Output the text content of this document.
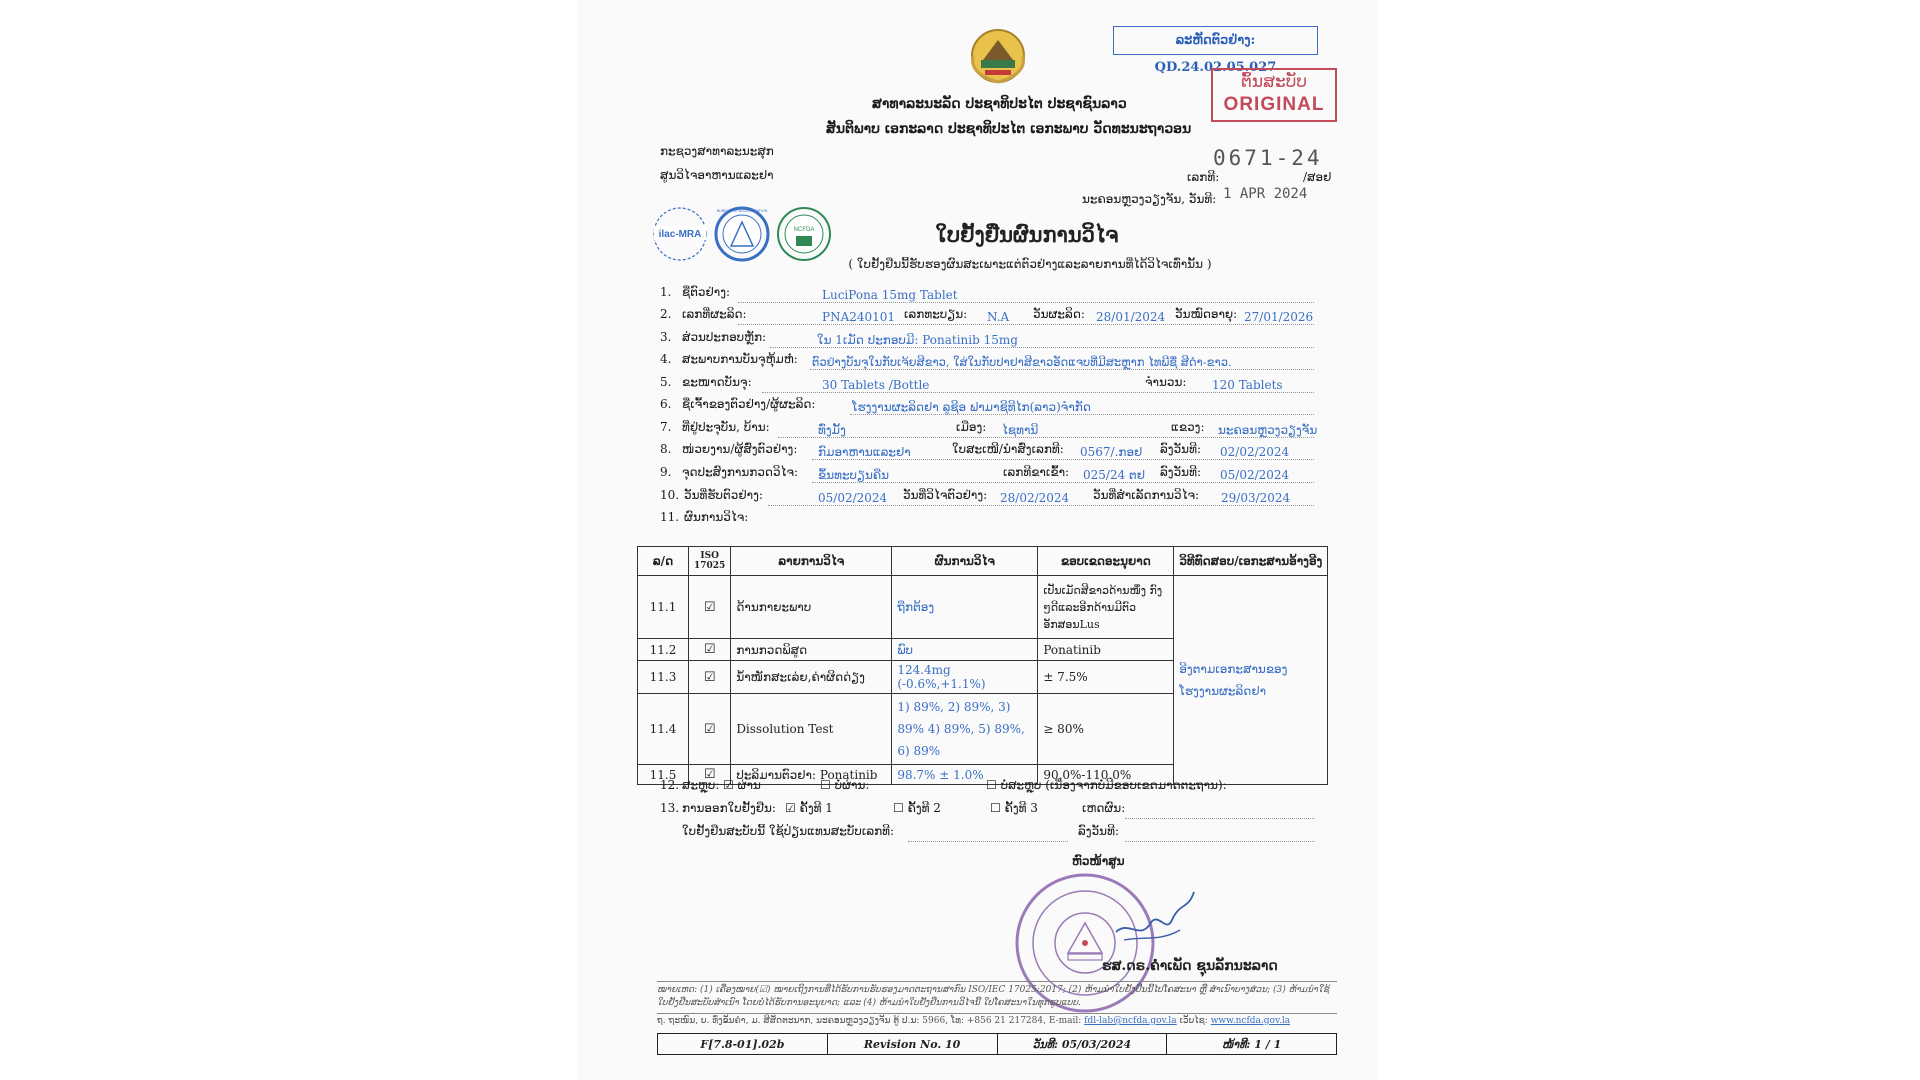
ລະຫັດຕົວຢ່າງ: QD.24.02.05.027
ຕົ້ນສະບັບ
ORIGINAL
ສາທາລະນະລັດ ປະຊາທິປະໄຕ ປະຊາຊົນລາວ
ສັນຕິພາບ ເອກະລາດ ປະຊາທິປະໄຕ ເອກະພາບ ວັດທະນະຖາວອນ
ກະຊວງສາທາລະນະສຸກ
ສູນວິໄຈອາຫານແລະຢາ
0671-24
ເລກທີ:	/ສອຢ
ນະຄອນຫຼວງວຽງຈັນ, ວັນທີ: 1 APR 2024
ilac-MRA
BUREAU OF ACCREDITATION
NCFDA	ໃບຢັ້ງຢືນຜົນການວິໄຈ
( ໃບຢັ້ງຢືນນີ້ຮັບຮອງຜົນສະເພາະແຕ່ຕົວຢ່າງແລະລາຍການທີ່ໄດ້ວິໄຈເທົ່ານັ້ນ )
1. ຊື່ຕົວຢ່າງ:	LuciPona 15mg Tablet
2. ເລກທີ່ຜະລິດ:	PNA240101 ເລກທະບຽນ: N.A ວັນຜະລິດ: 28/01/2024 ວັນໝົດອາຍຸ: 27/01/2026
3. ສ່ວນປະກອບຫຼັກ:	ໃນ 1ເມັດ ປະກອບມີ: Ponatinib 15mg
4. ສະພາບການບັນຈຸຫຸ້ມຫໍ່: ຕົວຢ່າງບັນຈຸໃນກັບເຈ້ຍສີຂາວ, ໃສ່ໃນກັບປາຢາສີຂາວອັດແຈບທີ່ມີສະຫຼາກ ໄທພີຊື່ ສີດຳ-ຂາວ.
5. ຂະໜາດບັນຈຸ:	30 Tablets /Bottle	ຈຳນວນ: 120 Tablets
6. ຊື່ເຈົ້າຂອງຕົວຢ່າງ/ຜູ້ຜະລິດ:	ໂຮງງານຜະລິດຢາ ລູຊີອ ຟາມາຊີທີໄກ(ລາວ)ຈຳກັດ
7. ທີ່ຢູ່ປະຈຸບັນ, ບ້ານ:	ທົ່ງມັ້ງ	ເມືອງ: ໄຊທານີ	ແຂວງ: ນະຄອນຫຼວງວຽງຈັນ
8. ໜ່ວຍງານ/ຜູ້ສົ່ງຕົວຢ່າງ: ກົມອາຫານແລະຢາ	ໃບສະເໜີ/ນຳສົ່ງເລກທີ: 0567/.ກອຢ ລົງວັນທີ: 02/02/2024
9. ຈຸດປະສົງການກວດວິໄຈ: ຂຶ້ນທະບຽນຄືນ	ເລກທີຂາເຂົ້າ: 025/24 ຕຢ ລົງວັນທີ: 05/02/2024
10. ວັນທີ່ຮັບຕົວຢ່າງ:	05/02/2024 ວັນທີ່ວິໄຈຕົວຢ່າງ: 28/02/2024 ວັນທີ່ສຳເລັດການວິໄຈ: 29/03/2024
11. ຜົນການວິໄຈ:
ລ/ດ	ISO 17025	ລາຍການວິໄຈ	ຜົນການວິໄຈ	ຂອບເຂດອະນຸຍາດ	ວິທີທົດສອບ/ເອກະສານອ້າງອີງ
11.1	☑	ດ້ານກາຍະພາບ	ຖືກຕ້ອງ	ເປັນເມັດສີຂາວດ້ານໜຶ່ງ ກົງໆດີແລະອີກດ້ານມີຕົວ ອັກສອນLus	ອີງຕາມເອກະສານຂອງ ໂຮງງານຜະລິດຢາ
11.2	☑	ການກວດພິສູດ	ພົບ	Ponatinib	
11.3	☑	ນ້ຳໜັກສະເລ່ຍ,ຄ່າຜິດດ່ຽງ	124.4mg (-0.6%,+1.1%)	± 7.5%	
11.4	☑	Dissolution Test	1) 89%, 2) 89%, 3) 89% 4) 89%, 5) 89%, 6) 89%	≥ 80%	
11.5	☑	ປະລິມານຕົວຢາ: Ponatinib	98.7% ± 1.0%	90.0%-110.0%	
12. ສະຫຼຸບ: ☑ ຜ່ານ	☐ ບໍ່ຜ່ານ:	☐ ບໍ່ສະຫຼຸບ (ເນື່ອງຈາກບໍ່ມີຂອບເຂດມາດຕະຖານ):
13. ການອອກໃບຢັ້ງຢືນ: ☑ ຄັ້ງທີ 1	☐ ຄັ້ງທີ 2	☐ ຄັ້ງທີ 3	ເຫດຜົນ:
ໃບຢັ້ງຢືນສະບັບນີ້ ໃຊ້ປ່ຽນແທນສະບັບເລກທີ:	ລົງວັນທີ:
ຫົວໜ້າສູນ
ຮສ.ດຣ.ຄຳເພັດ ຊຸນລັກນະລາດ
ໝາຍເຫດ: (1) ເຄື່ອງໝາຍ(☑) ໝາຍເຖິງການທີ່ໄດ້ຮັບການຮັບຮອງມາດຕະຖານສາກົນ ISO/IEC 17025:2017; (2) ຫ້າມນຳໃບຢັ້ງຢືນນີ້ໄປໂຄສະນາ ຫຼື ສຳເນົາບາງສ່ວນ; (3) ຫ້າມນຳໃຊ້ໃບຢັ້ງຢືນສະບັບສຳເນົາ ໂດຍບໍ່ໄດ້ຮັບການອະນຸຍາດ; ແລະ (4) ຫ້າມນຳໃບຢັ້ງຢືນການວິໄຈນີ້ ໃປໂຄສະນາໃນທຸກຮູບແບບ.
ຖ. ຖະໜົນ, ບ. ທົ່ງຂັນຄຳ, ມ. ສີສັດຕະນາກ, ນະຄອນຫຼວງວຽງຈັນ ຕູ້ ປ.ນ: 5966, ໂທ: +856 21 217284, E-mail: fdl-lab@ncfda.gov.la ເວັບໄຊ: www.ncfda.gov.la
F[7.8-01].02b	Revision No. 10	ວັນທີ: 05/03/2024	ໜ້າທີ: 1 / 1
